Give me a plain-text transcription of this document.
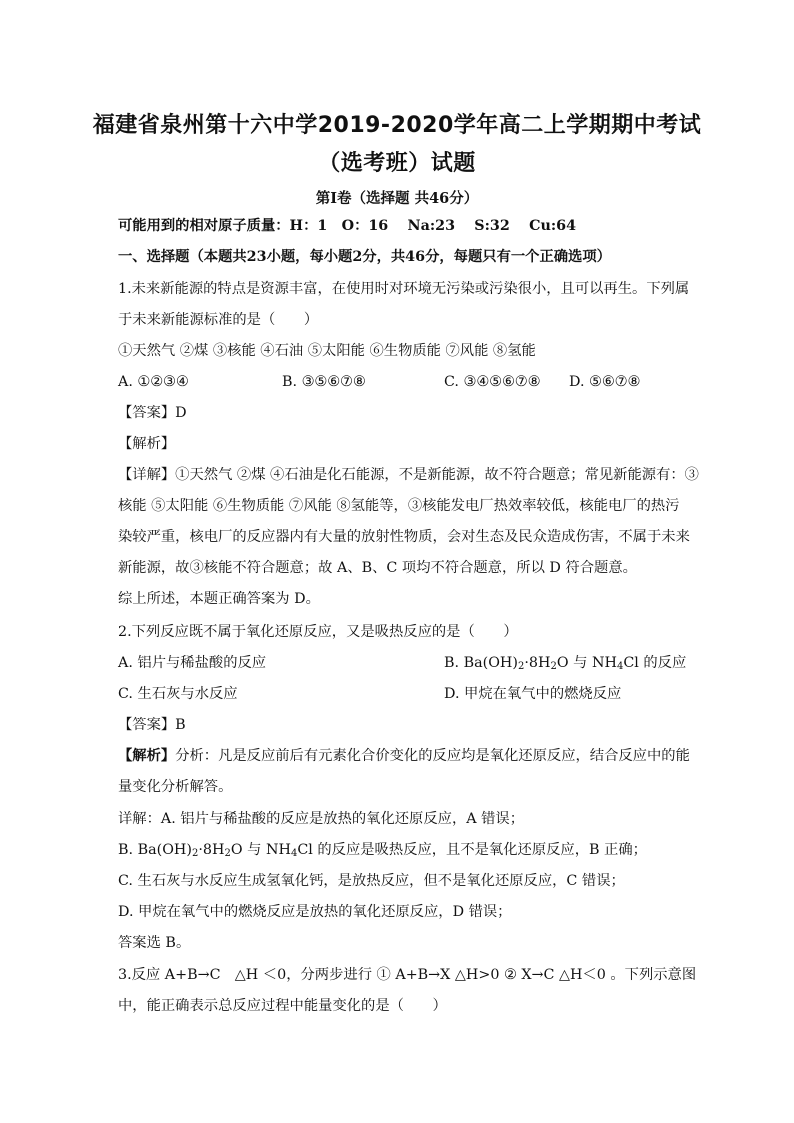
福建省泉州第十六中学2019-2020学年高二上学期期中考试
（选考班）试题
第Ⅰ卷（选择题 共46分）
可能用到的相对原子质量：H：1　O：16　 Na:23　 S:32　 Cu:64
一、选择题（本题共23小题，每小题2分，共46分，每题只有一个正确选项）
1.未来新能源的特点是资源丰富，在使用时对环境无污染或污染很小，且可以再生。下列属
于未来新能源标准的是（　　）
①天然气 ②煤 ③核能 ④石油 ⑤太阳能 ⑥生物质能 ⑦风能 ⑧氢能
A. ①②③④	B. ③⑤⑥⑦⑧	C. ③④⑤⑥⑦⑧ D. ⑤⑥⑦⑧
【答案】D
【解析】
【详解】①天然气 ②煤 ④石油是化石能源，不是新能源，故不符合题意；常见新能源有：③
核能 ⑤太阳能 ⑥生物质能 ⑦风能 ⑧氢能等，③核能发电厂热效率较低，核能电厂的热污
染较严重，核电厂的反应器内有大量的放射性物质，会对生态及民众造成伤害，不属于未来
新能源，故③核能不符合题意；故 A、B、C 项均不符合题意，所以 D 符合题意。
综上所述，本题正确答案为 D。
2.下列反应既不属于氧化还原反应，又是吸热反应的是（　　）
A. 铝片与稀盐酸的反应	B. $Ba(OH)_2\cdot 8H_2O$ 与 $NH_4Cl$ 的反应
C. 生石灰与水反应	D. 甲烷在氧气中的燃烧反应
【答案】B
【解析】分析：凡是反应前后有元素化合价变化的反应均是氧化还原反应，结合反应中的能
量变化分析解答。
详解：A. 铝片与稀盐酸的反应是放热的氧化还原反应，A 错误；
B. $Ba(OH)_2\cdot 8H_2O$ 与 $NH_4Cl$ 的反应是吸热反应，且不是氧化还原反应，B 正确；
C. 生石灰与水反应生成氢氧化钙，是放热反应，但不是氧化还原反应，C 错误；
D. 甲烷在氧气中的燃烧反应是放热的氧化还原反应，D 错误；
答案选 B。
3.反应 A+B→C　△H ＜0，分两步进行 ① A+B→X △H>0 ② X→C △H＜0 。下列示意图
中，能正确表示总反应过程中能量变化的是（　　）
